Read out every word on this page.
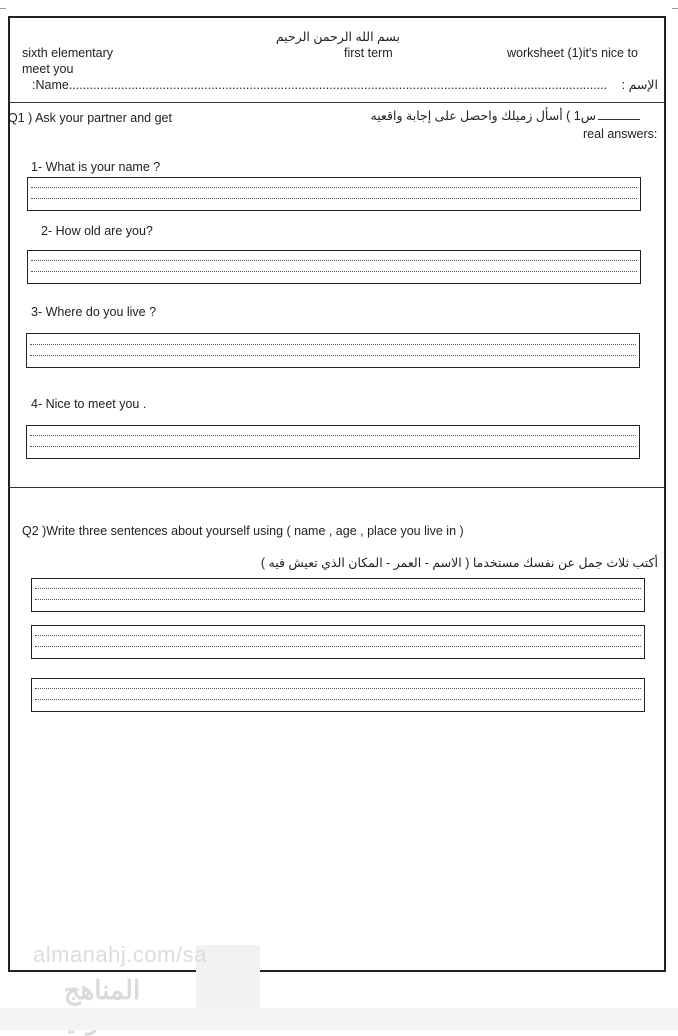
بسم الله الرحمن الرحيم
sixth elementary	first term	worksheet (1)it's nice to
meet you
:Name...........................................................................................................................................................	الإسم :
Q1 ) Ask your partner and get	س1 ) أسأل زميلك واحصل على إجابة واقعيه
real answers:
1- What is your name ?
2- How old are you?
3- Where do you live ?
4- Nice to meet you .
Q2 )Write three sentences about yourself using ( name , age , place you live in )
أكتب ثلاث جمل عن نفسك مستخدما ( الاسم - العمر - المكان الذي تعيش فيه )
almanahj.com/sa
المناهج
